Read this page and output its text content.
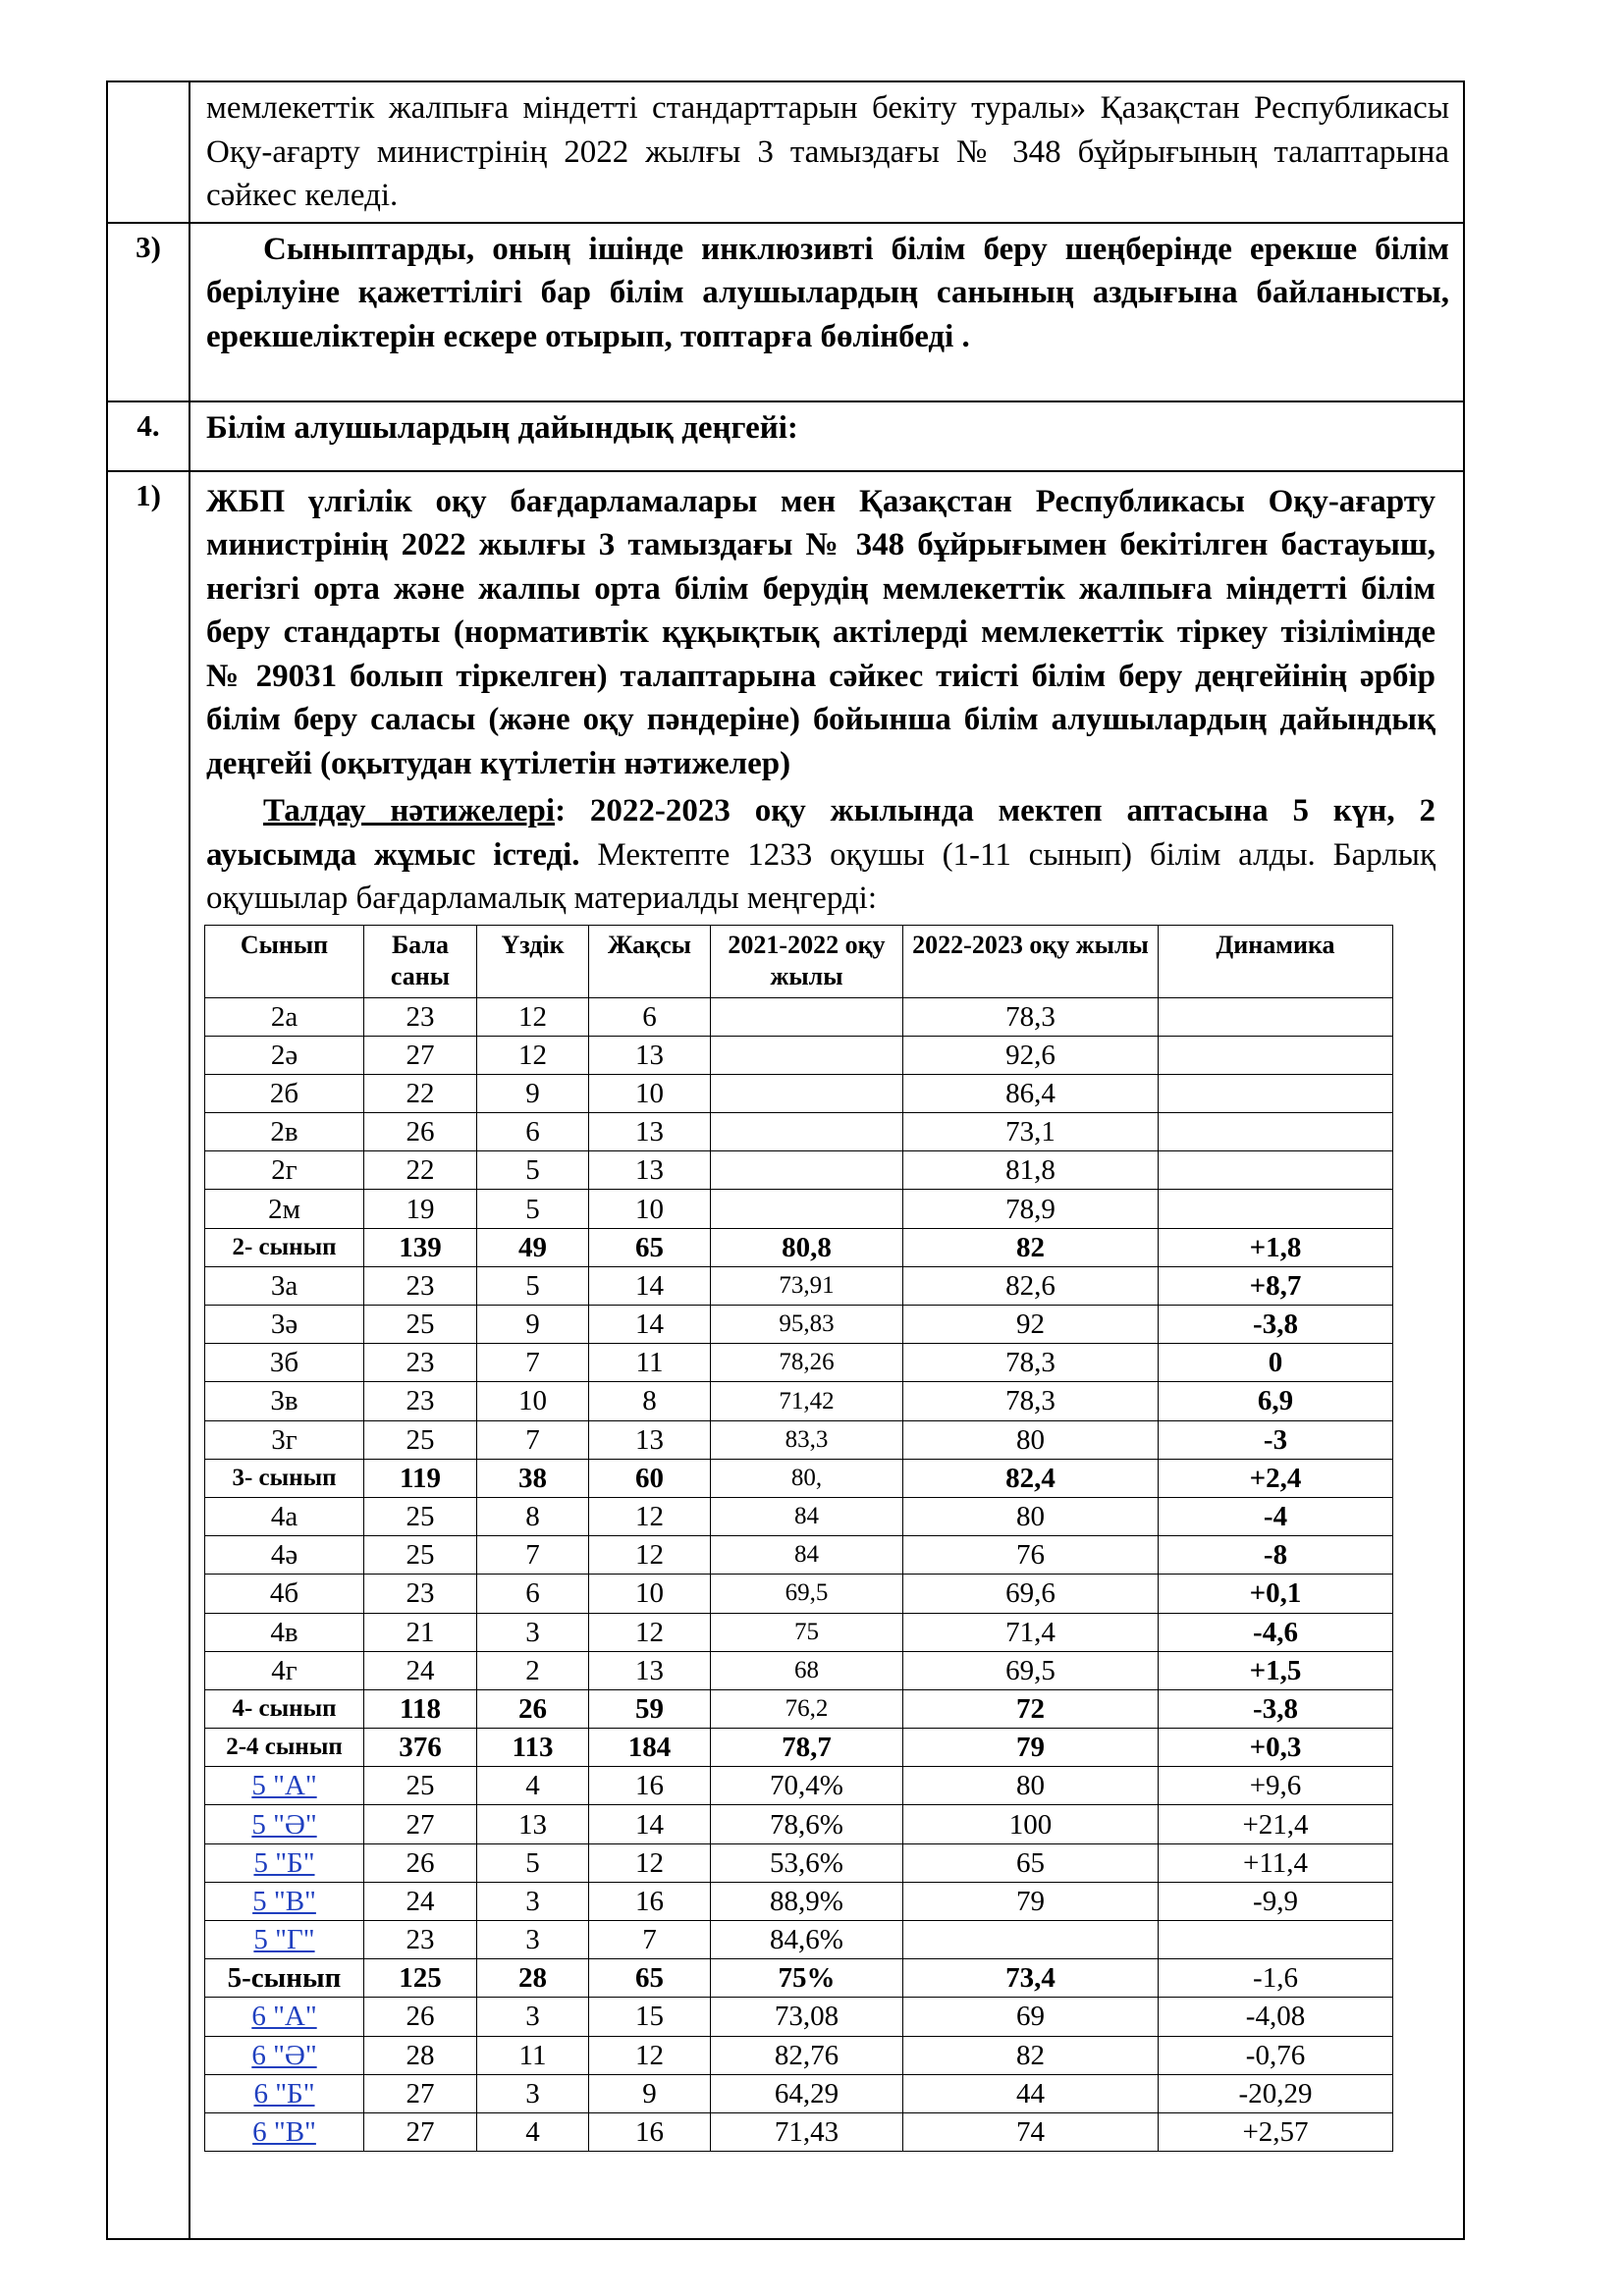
	мемлекеттік жалпыға міндетті стандарттарын бекіту туралы» Қазақстан Республикасы Оқу-ағарту министрінің 2022 жылғы 3 тамыздағы № 348 бұйрығының талаптарына сәйкес келеді.
3)	Сыныптарды, оның ішінде инклюзивті білім беру шеңберінде ерекше білім берілуіне қажеттілігі бар білім алушылардың санының аздығына байланысты, ерекшеліктерін ескере отырып, топтарға бөлінбеді .
4.	Білім алушылардың дайындық деңгейі:
1)	ЖБП үлгілік оқу бағдарламалары мен Қазақстан Республикасы Оқу-ағарту министрінің 2022 жылғы 3 тамыздағы № 348 бұйрығымен бекітілген бастауыш, негізгі орта және жалпы орта білім берудің мемлекеттік жалпыға міндетті білім беру стандарты (нормативтік құқықтық актілерді мемлекеттік тіркеу тізілімінде № 29031 болып тіркелген) талаптарына сәйкес тиісті білім беру деңгейінің әрбір білім беру саласы (және оқу пәндеріне) бойынша білім алушылардың дайындық деңгейі (оқытудан күтілетін нәтижелер)
Талдау нәтижелері: 2022-2023 оқу жылында мектеп аптасына 5 күн, 2 ауысымда жұмыс істеді. Мектепте 1233 оқушы (1-11 сынып) білім алды. Барлық оқушылар бағдарламалық материалды меңгерді:
Сынып	Бала саны	Үздік	Жақсы	2021-2022 оқу жылы	2022-2023 оқу жылы	Динамика
2а	23	12	6		78,3	
2ә	27	12	13		92,6	
2б	22	9	10		86,4	
2в	26	6	13		73,1	
2г	22	5	13		81,8	
2м	19	5	10		78,9	
2- сынып	139	49	65	80,8	82	+1,8
3а	23	5	14	73,91	82,6	+8,7
3ә	25	9	14	95,83	92	-3,8
3б	23	7	11	78,26	78,3	0
3в	23	10	8	71,42	78,3	6,9
3г	25	7	13	83,3	80	-3
3- сынып	119	38	60	80,	82,4	+2,4
4а	25	8	12	84	80	-4
4ә	25	7	12	84	76	-8
4б	23	6	10	69,5	69,6	+0,1
4в	21	3	12	75	71,4	-4,6
4г	24	2	13	68	69,5	+1,5
4- сынып	118	26	59	76,2	72	-3,8
2-4 сынып	376	113	184	78,7	79	+0,3
5 "А"	25	4	16	70,4%	80	+9,6
5 "Ә"	27	13	14	78,6%	100	+21,4
5 "Б"	26	5	12	53,6%	65	+11,4
5 "В"	24	3	16	88,9%	79	-9,9
5 "Г"	23	3	7	84,6%		
5-сынып	125	28	65	75%	73,4	-1,6
6 "А"	26	3	15	73,08	69	-4,08
6 "Ә"	28	11	12	82,76	82	-0,76
6 "Б"	27	3	9	64,29	44	-20,29
6 "В"	27	4	16	71,43	74	+2,57
